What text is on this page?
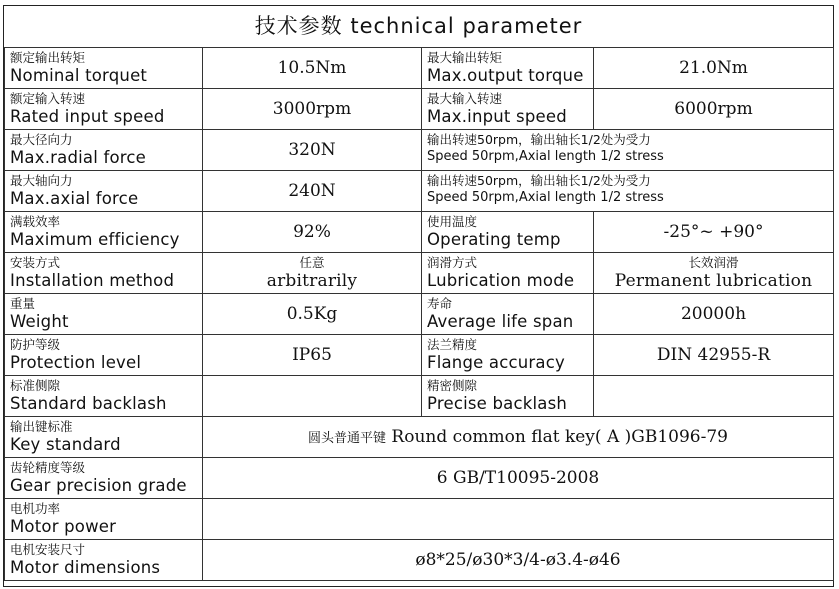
技术参数 technical parameter
额定输出转矩
Nominal torquet	10.5Nm	最大输出转矩
Max.output torque	21.0Nm

额定输入转速
Rated input speed	3000rpm	最大输入转速
Max.input speed	6000rpm

最大径向力
Max.radial force	320N	输出转速50rpm，输出轴长1/2处为受力
Speed 50rpm,Axial length 1/2 stress	

最大轴向力
Max.axial force	240N	输出转速50rpm，输出轴长1/2处为受力
Speed 50rpm,Axial length 1/2 stress	

满载效率
Maximum efficiency	92%	使用温度
Operating temp	-25°~ +90°

安装方式
Installation method	任意
arbitrarily	润滑方式
Lubrication mode	长效润滑
Permanent lubrication

重量
Weight	0.5Kg	寿命
Average life span	20000h

防护等级
Protection level	IP65	法兰精度
Flange accuracy	DIN 42955-R

标准侧隙
Standard backlash		精密侧隙
Precise backlash	

输出键标准
Key standard	圆头普通平键 Round common flat key( A )GB1096-79		

齿轮精度等级
Gear precision grade	6 GB/T10095-2008		

电机功率
Motor power			

电机安装尺寸
Motor dimensions	ø8*25/ø30*3/4-ø3.4-ø46		
